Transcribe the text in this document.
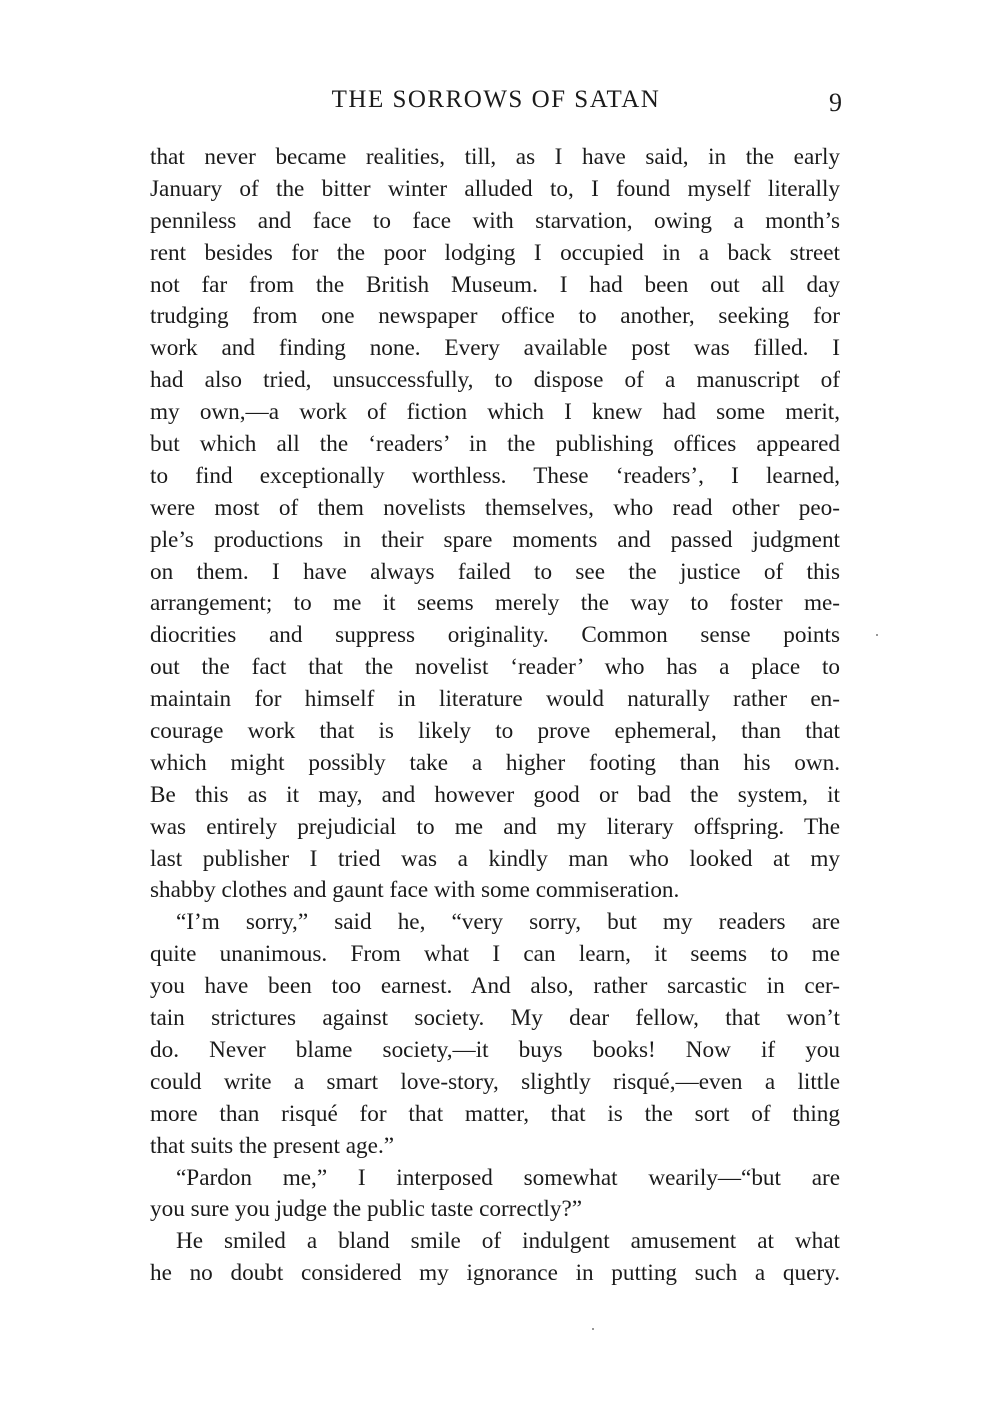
THE SORROWS OF SATAN	9
that never became realities, till, as I have said, in the early
January of the bitter winter alluded to, I found myself literally
penniless and face to face with starvation, owing a month’s
rent besides for the poor lodging I occupied in a back street
not far from the British Museum. I had been out all day
trudging from one newspaper office to another, seeking for
work and finding none. Every available post was filled. I
had also tried, unsuccessfully, to dispose of a manuscript of
my own,—a work of fiction which I knew had some merit,
but which all the ‘readers’ in the publishing offices appeared
to find exceptionally worthless. These ‘readers’, I learned,
were most of them novelists themselves, who read other peo-
ple’s productions in their spare moments and passed judgment
on them. I have always failed to see the justice of this
arrangement; to me it seems merely the way to foster me-
diocrities and suppress originality. Common sense points
out the fact that the novelist ‘reader’ who has a place to
maintain for himself in literature would naturally rather en-
courage work that is likely to prove ephemeral, than that
which might possibly take a higher footing than his own.
Be this as it may, and however good or bad the system, it
was entirely prejudicial to me and my literary offspring. The
last publisher I tried was a kindly man who looked at my
shabby clothes and gaunt face with some commiseration.
“I’m sorry,” said he, “very sorry, but my readers are
quite unanimous. From what I can learn, it seems to me
you have been too earnest. And also, rather sarcastic in cer-
tain strictures against society. My dear fellow, that won’t
do. Never blame society,—it buys books! Now if you
could write a smart love-story, slightly risqué,—even a little
more than risqué for that matter, that is the sort of thing
that suits the present age.”
“Pardon me,” I interposed somewhat wearily—“but are
you sure you judge the public taste correctly?”
He smiled a bland smile of indulgent amusement at what
he no doubt considered my ignorance in putting such a query.
